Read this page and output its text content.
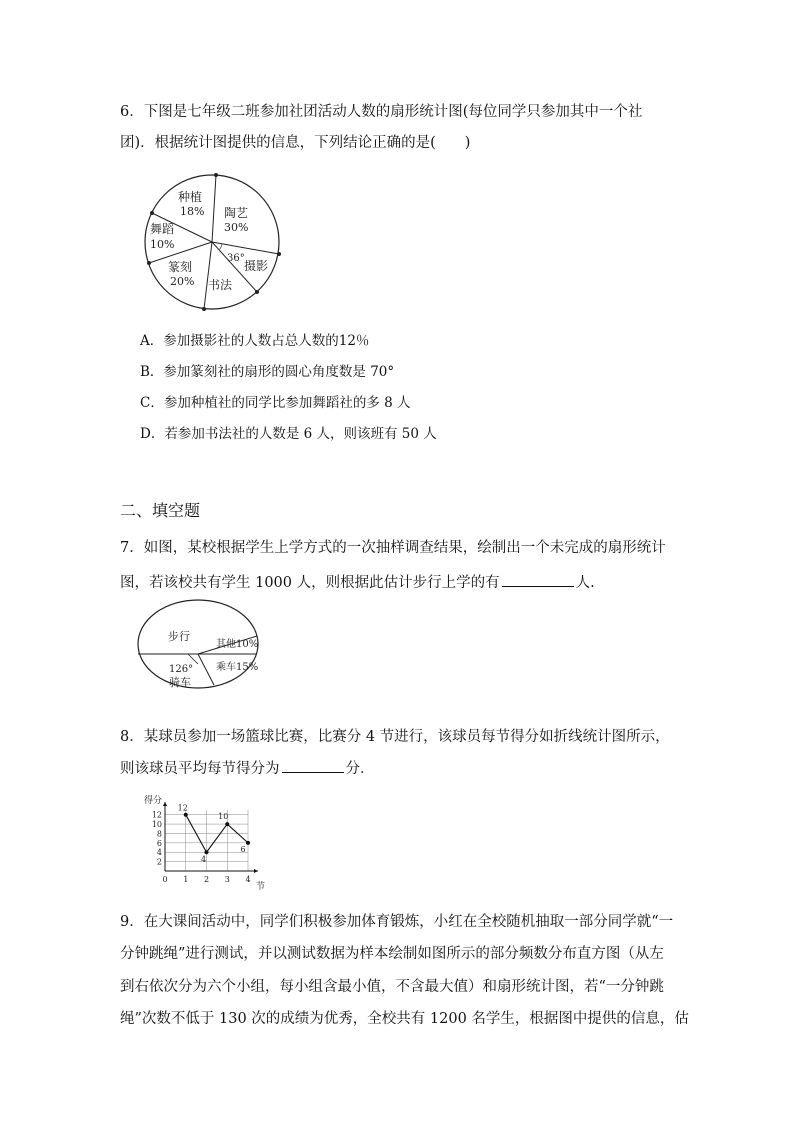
6．下图是七年级二班参加社团活动人数的扇形统计图(每位同学只参加其中一个社
团)．根据统计图提供的信息，下列结论正确的是(　　)
种植
18% 陶艺
30%
舞蹈
10%
篆刻
20% 书法
摄影
36°
A．参加摄影社的人数占总人数的12％
B．参加篆刻社的扇形的圆心角度数是 70°
C．参加种植社的同学比参加舞蹈社的多 8 人
D．若参加书法社的人数是 6 人，则该班有 50 人
二、填空题
7．如图，某校根据学生上学方式的一次抽样调查结果，绘制出一个未完成的扇形统计
图，若该校共有学生 1000 人，则根据此估计步行上学的有	人.
步行
其他10%
乘车15%
126°
骑车
8．某球员参加一场篮球比赛，比赛分 4 节进行，该球员每节得分如折线统计图所示，
则该球员平均每节得分为	分．
得分
节
2
4
6
8
10
12
0 1 2 3 4
12
4
10
6
9．在大课间活动中，同学们积极参加体育锻炼，小红在全校随机抽取一部分同学就“一
分钟跳绳”进行测试，并以测试数据为样本绘制如图所示的部分频数分布直方图（从左
到右依次分为六个小组，每小组含最小值，不含最大值）和扇形统计图，若“一分钟跳
绳”次数不低于 130 次的成绩为优秀，全校共有 1200 名学生，根据图中提供的信息，估
